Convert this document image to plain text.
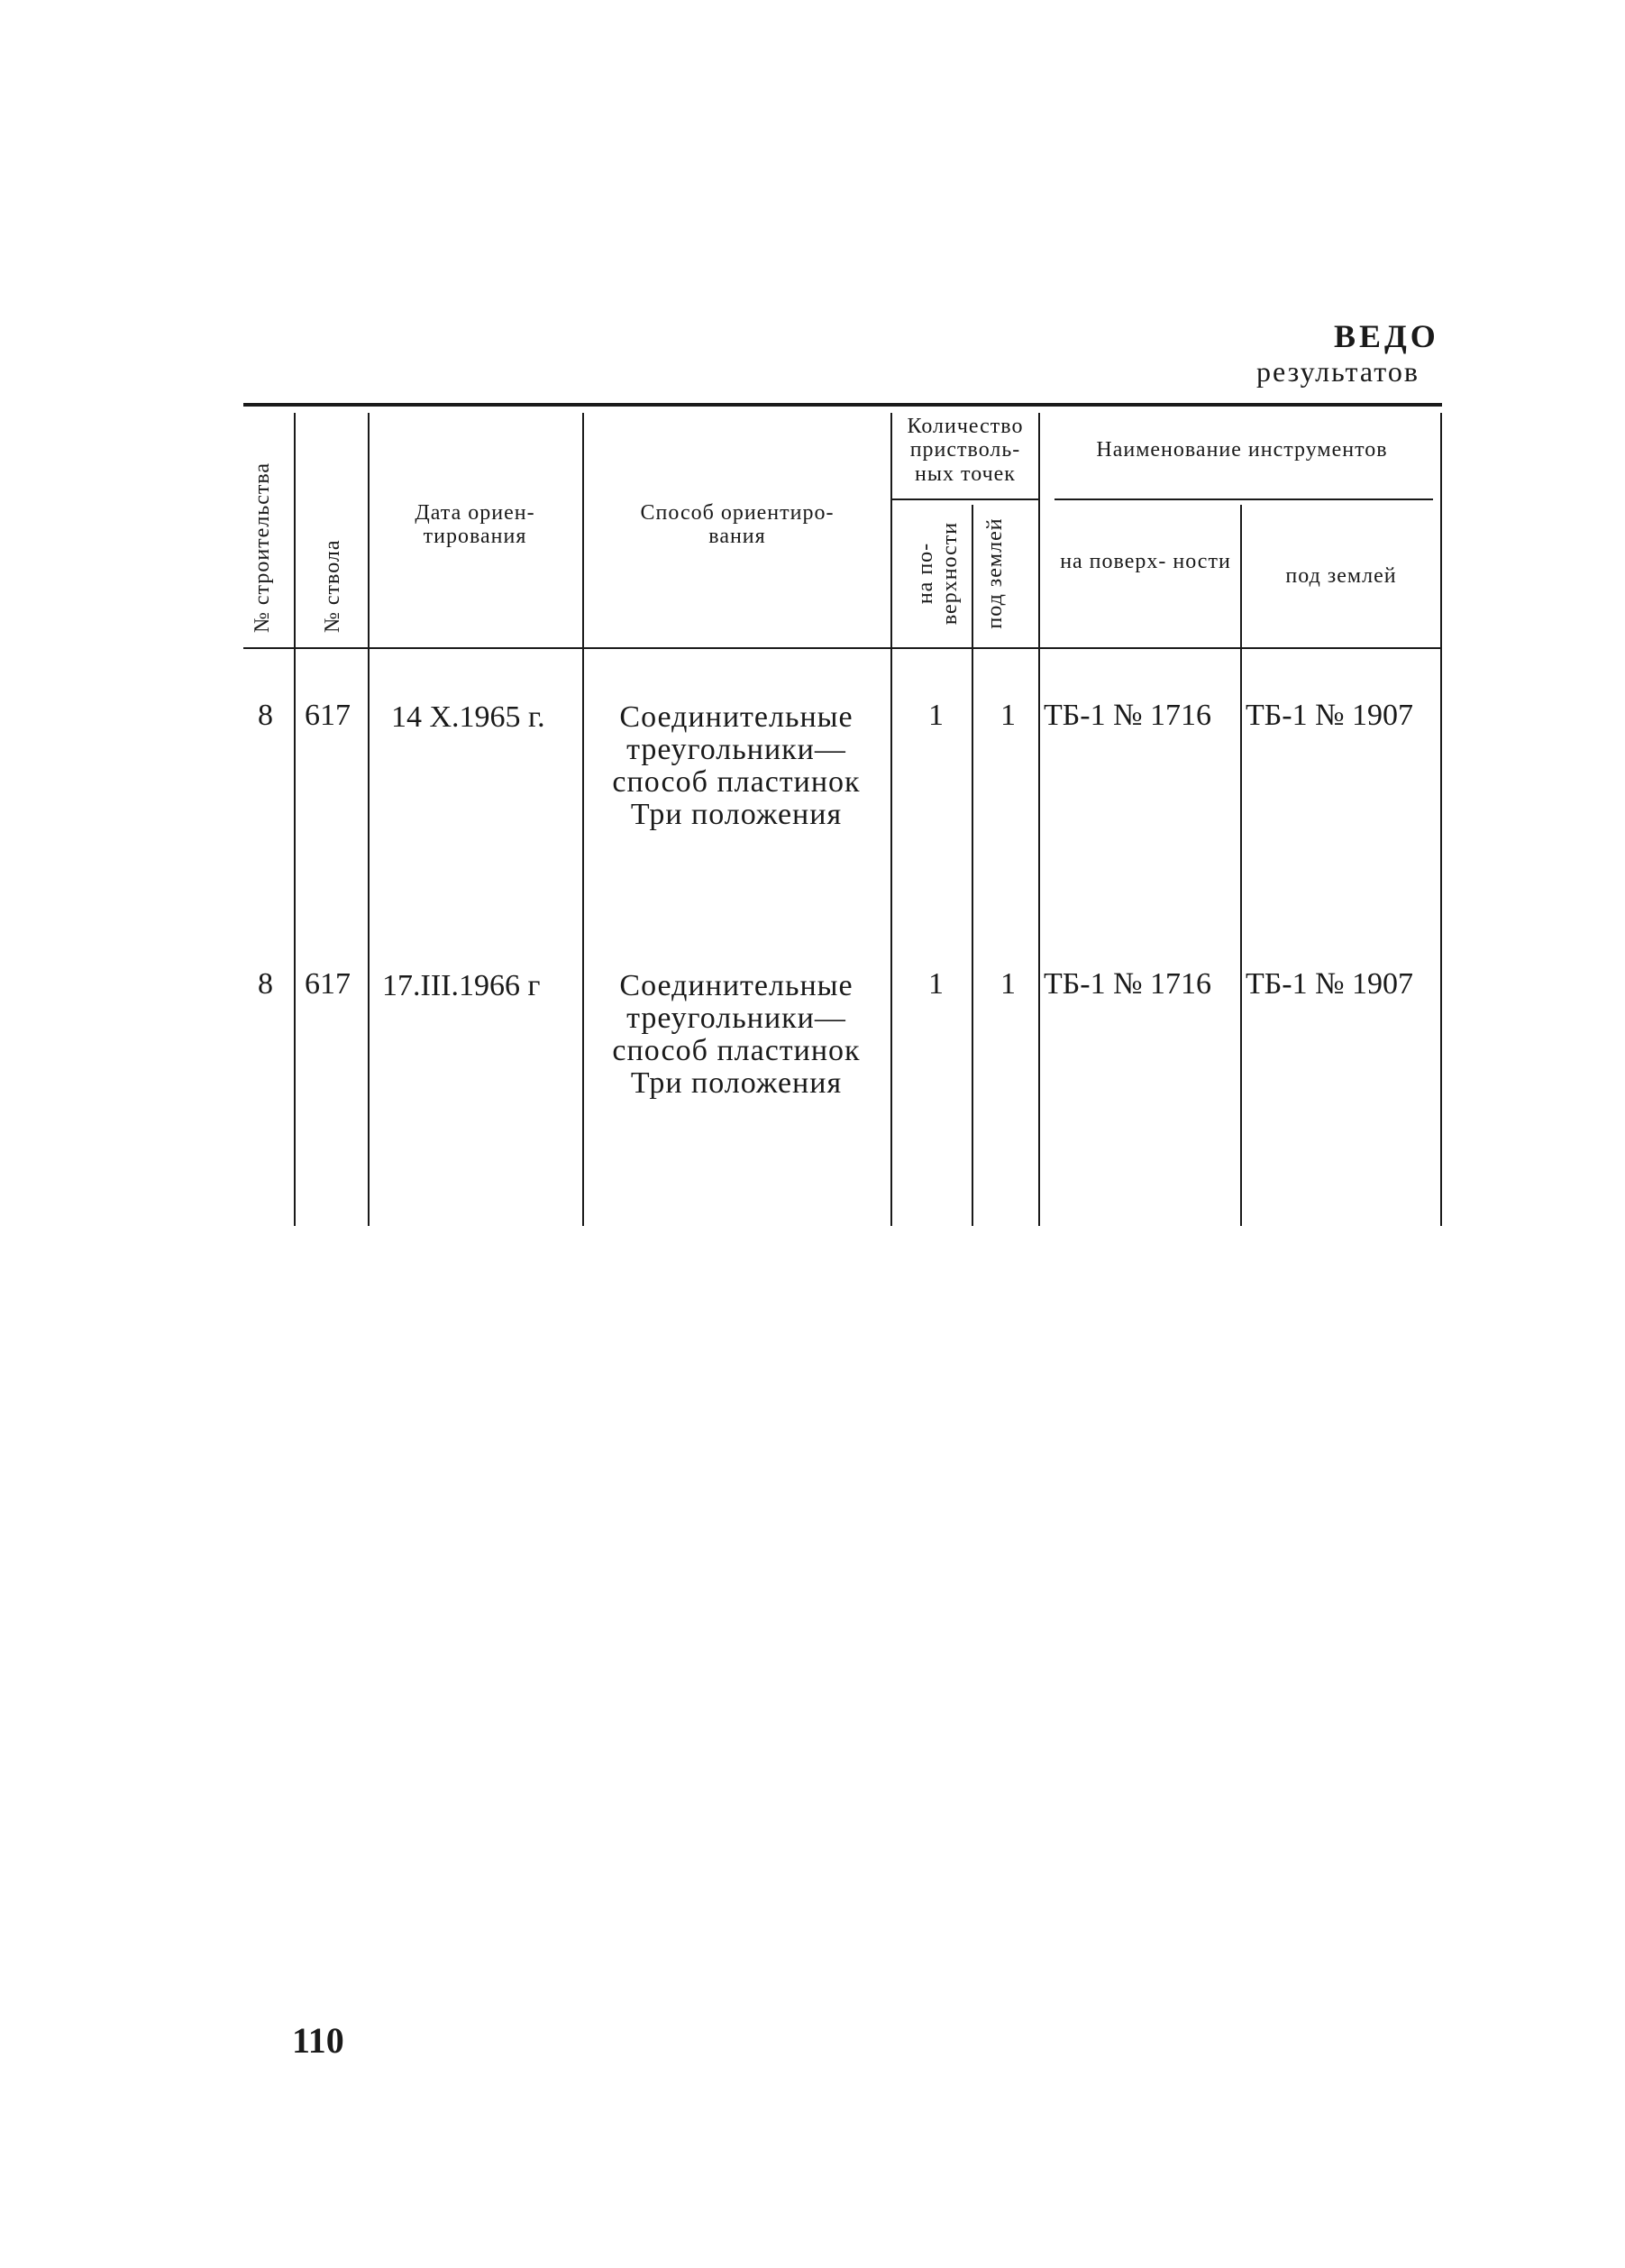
ВЕДО
результатов
№ строительства № ствола
Дата ориен- тирования
Способ ориентиро- вания
Количество пристволь- ных точек
на по- верхности под землей
Наименование инструментов
на поверх- ности
под землей
8 617 14 Х.1965 г.	Соединительные треугольники— способ пластинок Три положения
1 1 ТБ-1 № 1716 ТБ-1 № 1907
8 617 17.III.1966 г	Соединительные треугольники— способ пластинок Три положения
1 1 ТБ-1 № 1716 ТБ-1 № 1907
110
